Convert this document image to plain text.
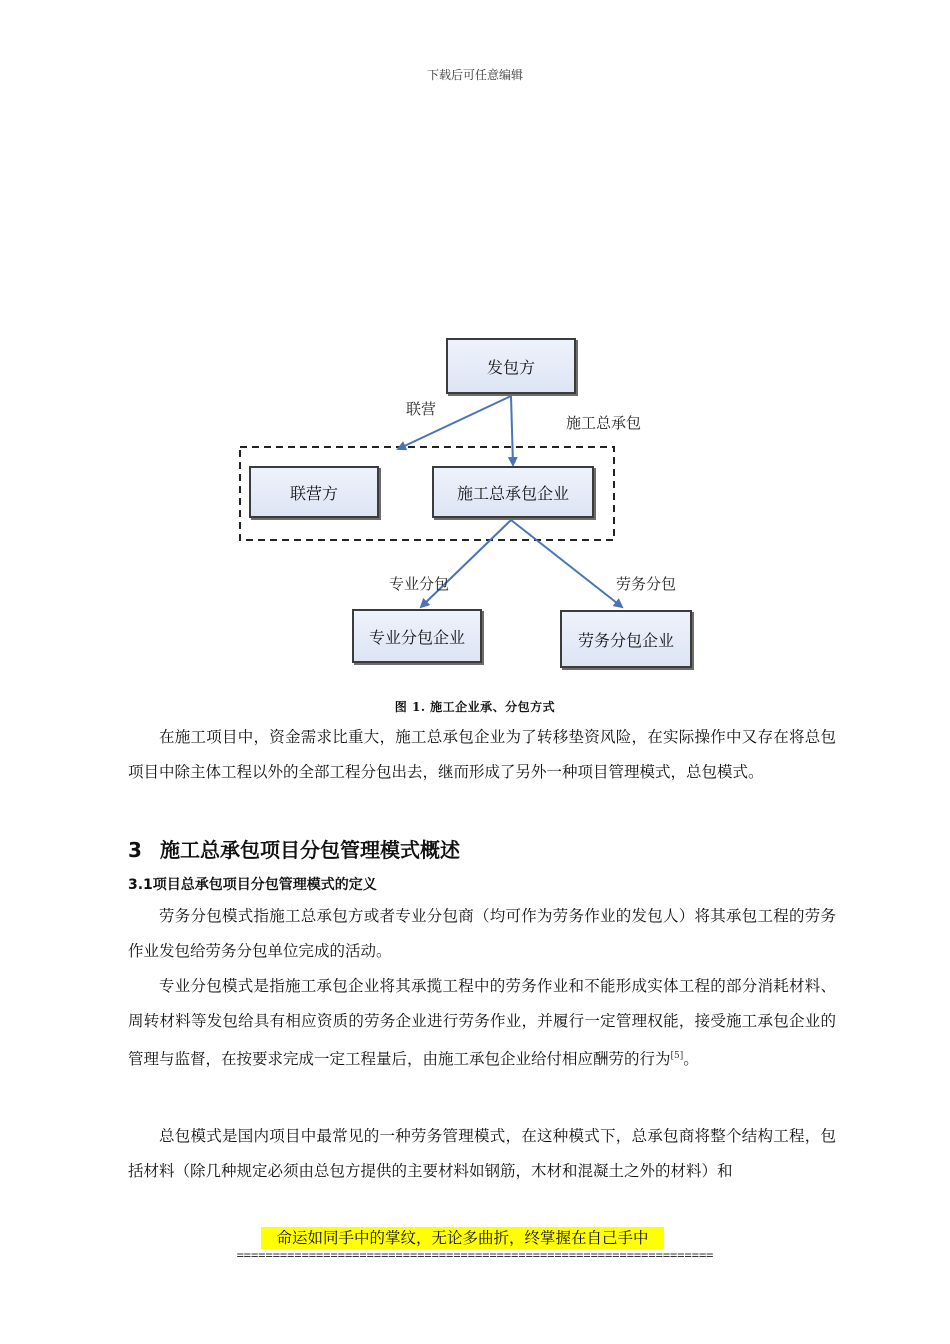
下载后可任意编辑
发包方
联营方	施工总承包企业
专业分包企业	劳务分包企业
联营
施工总承包
专业分包	劳务分包
图 1. 施工企业承、分包方式

在施工项目中，资金需求比重大，施工总承包企业为了转移垫资风险，在实际操作中又存在将总包项目中除主体工程以外的全部工程分包出去，继而形成了另外一种项目管理模式，总包模式。

3 施工总承包项目分包管理模式概述
3.1项目总承包项目分包管理模式的定义

劳务分包模式指施工总承包方或者专业分包商（均可作为劳务作业的发包人）将其承包工程的劳务作业发包给劳务分包单位完成的活动。

专业分包模式是指施工承包企业将其承揽工程中的劳务作业和不能形成实体工程的部分消耗材料、周转材料等发包给具有相应资质的劳务企业进行劳务作业，并履行一定管理权能，接受施工承包企业的管理与监督，在按要求完成一定工程量后，由施工承包企业给付相应酬劳的行为[5]。

总包模式是国内项目中最常见的一种劳务管理模式，在这种模式下，总承包商将整个结构工程，包括材料（除几种规定必须由总包方提供的主要材料如钢筋，木材和混凝土之外的材料）和

命运如同手中的掌纹，无论多曲折，终掌握在自己手中
==================================================================
